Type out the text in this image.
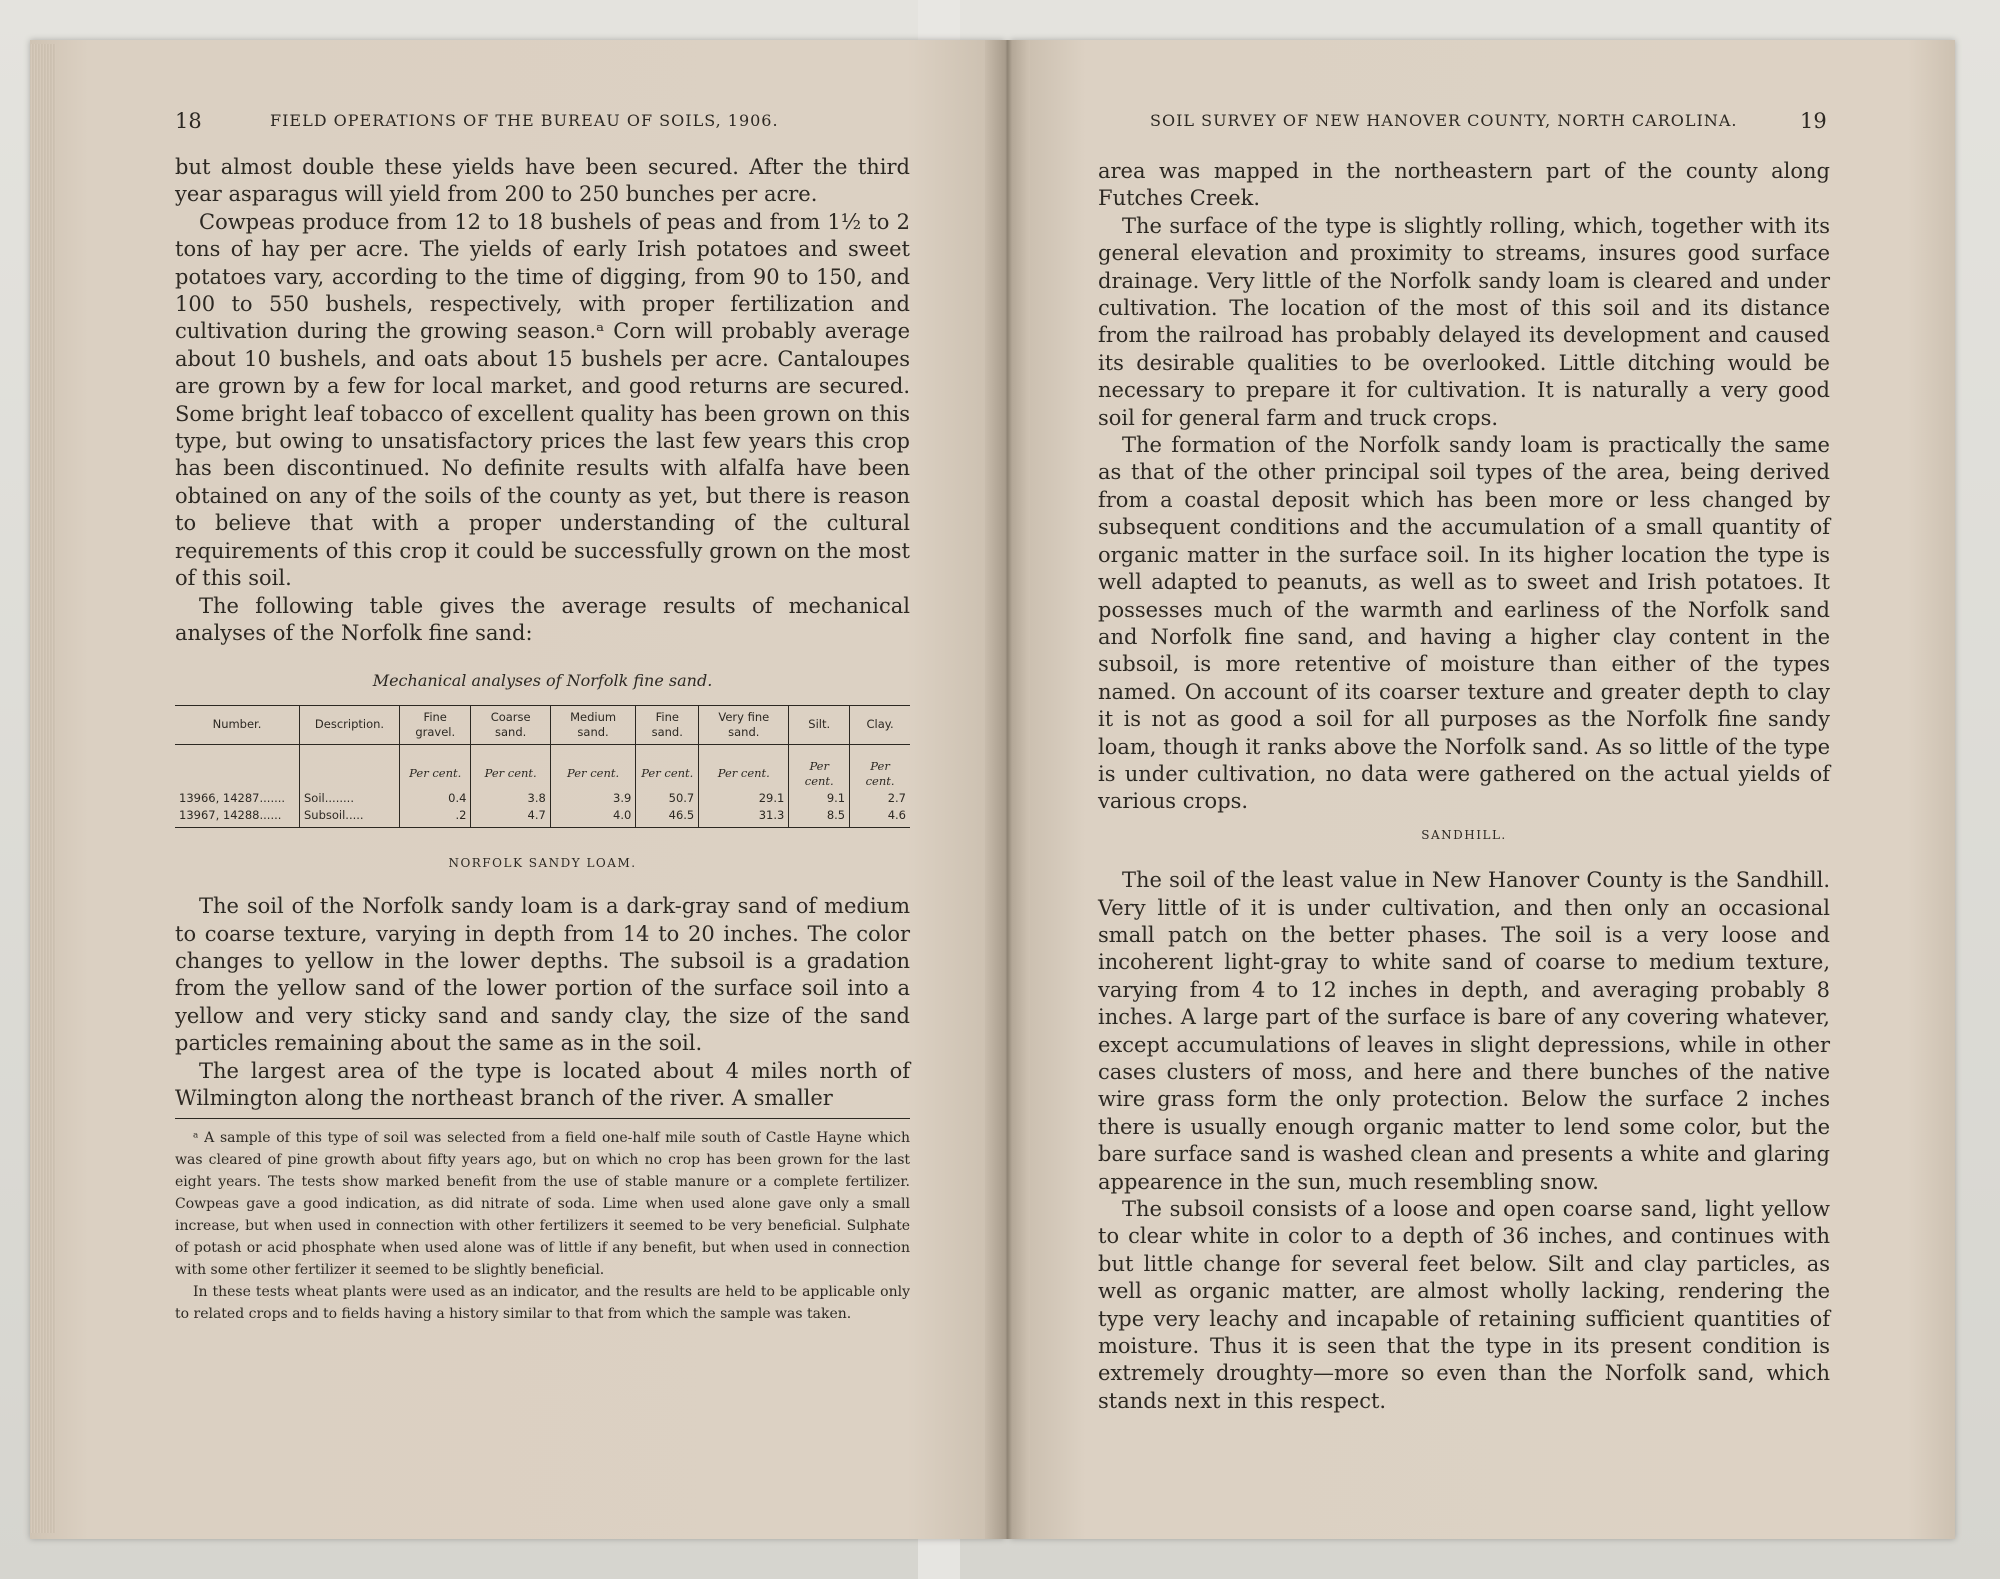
18	FIELD OPERATIONS OF THE BUREAU OF SOILS, 1906.

but almost double these yields have been secured. After the third year asparagus will yield from 200 to 250 bunches per acre.

Cowpeas produce from 12 to 18 bushels of peas and from 1½ to 2 tons of hay per acre. The yields of early Irish potatoes and sweet potatoes vary, according to the time of digging, from 90 to 150, and 100 to 550 bushels, respectively, with proper fertilization and cultivation during the growing season.ᵃ Corn will probably average about 10 bushels, and oats about 15 bushels per acre. Cantaloupes are grown by a few for local market, and good returns are secured. Some bright leaf tobacco of excellent quality has been grown on this type, but owing to unsatisfactory prices the last few years this crop has been discontinued. No definite results with alfalfa have been obtained on any of the soils of the county as yet, but there is reason to believe that with a proper understanding of the cultural requirements of this crop it could be successfully grown on the most of this soil.

The following table gives the average results of mechanical analyses of the Norfolk fine sand:

Mechanical analyses of Norfolk fine sand.
Number.	Description.	Fine gravel.	Coarse sand.	Medium sand.	Fine sand.	Very fine sand.	Silt.	Clay.
		Per cent.	Per cent.	Per cent.	Per cent.	Per cent.	Per cent.	Per cent.
13966, 14287.......	Soil........	0.4	3.8	3.9	50.7	29.1	9.1	2.7
13967, 14288......	Subsoil.....	.2	4.7	4.0	46.5	31.3	8.5	4.6
NORFOLK SANDY LOAM.

The soil of the Norfolk sandy loam is a dark-gray sand of medium to coarse texture, varying in depth from 14 to 20 inches. The color changes to yellow in the lower depths. The subsoil is a gradation from the yellow sand of the lower portion of the surface soil into a yellow and very sticky sand and sandy clay, the size of the sand particles remaining about the same as in the soil.

The largest area of the type is located about 4 miles north of Wilmington along the northeast branch of the river. A smaller

ᵃ A sample of this type of soil was selected from a field one-half mile south of Castle Hayne which was cleared of pine growth about fifty years ago, but on which no crop has been grown for the last eight years. The tests show marked benefit from the use of stable manure or a complete fertilizer. Cowpeas gave a good indication, as did nitrate of soda. Lime when used alone gave only a small increase, but when used in connection with other fertilizers it seemed to be very beneficial. Sulphate of potash or acid phosphate when used alone was of little if any benefit, but when used in connection with some other fertilizer it seemed to be slightly beneficial.

In these tests wheat plants were used as an indicator, and the results are held to be applicable only to related crops and to fields having a history similar to that from which the sample was taken.

SOIL SURVEY OF NEW HANOVER COUNTY, NORTH CAROLINA.	19

area was mapped in the northeastern part of the county along Futches Creek.

The surface of the type is slightly rolling, which, together with its general elevation and proximity to streams, insures good surface drainage. Very little of the Norfolk sandy loam is cleared and under cultivation. The location of the most of this soil and its distance from the railroad has probably delayed its development and caused its desirable qualities to be overlooked. Little ditching would be necessary to prepare it for cultivation. It is naturally a very good soil for general farm and truck crops.

The formation of the Norfolk sandy loam is practically the same as that of the other principal soil types of the area, being derived from a coastal deposit which has been more or less changed by subsequent conditions and the accumulation of a small quantity of organic matter in the surface soil. In its higher location the type is well adapted to peanuts, as well as to sweet and Irish potatoes. It possesses much of the warmth and earliness of the Norfolk sand and Norfolk fine sand, and having a higher clay content in the subsoil, is more retentive of moisture than either of the types named. On account of its coarser texture and greater depth to clay it is not as good a soil for all purposes as the Norfolk fine sandy loam, though it ranks above the Norfolk sand. As so little of the type is under cultivation, no data were gathered on the actual yields of various crops.

SANDHILL.

The soil of the least value in New Hanover County is the Sandhill. Very little of it is under cultivation, and then only an occasional small patch on the better phases. The soil is a very loose and incoherent light-gray to white sand of coarse to medium texture, varying from 4 to 12 inches in depth, and averaging probably 8 inches. A large part of the surface is bare of any covering whatever, except accumulations of leaves in slight depressions, while in other cases clusters of moss, and here and there bunches of the native wire grass form the only protection. Below the surface 2 inches there is usually enough organic matter to lend some color, but the bare surface sand is washed clean and presents a white and glaring appearence in the sun, much resembling snow.

The subsoil consists of a loose and open coarse sand, light yellow to clear white in color to a depth of 36 inches, and continues with but little change for several feet below. Silt and clay particles, as well as organic matter, are almost wholly lacking, rendering the type very leachy and incapable of retaining sufficient quantities of moisture. Thus it is seen that the type in its present condition is extremely droughty—more so even than the Norfolk sand, which stands next in this respect.
